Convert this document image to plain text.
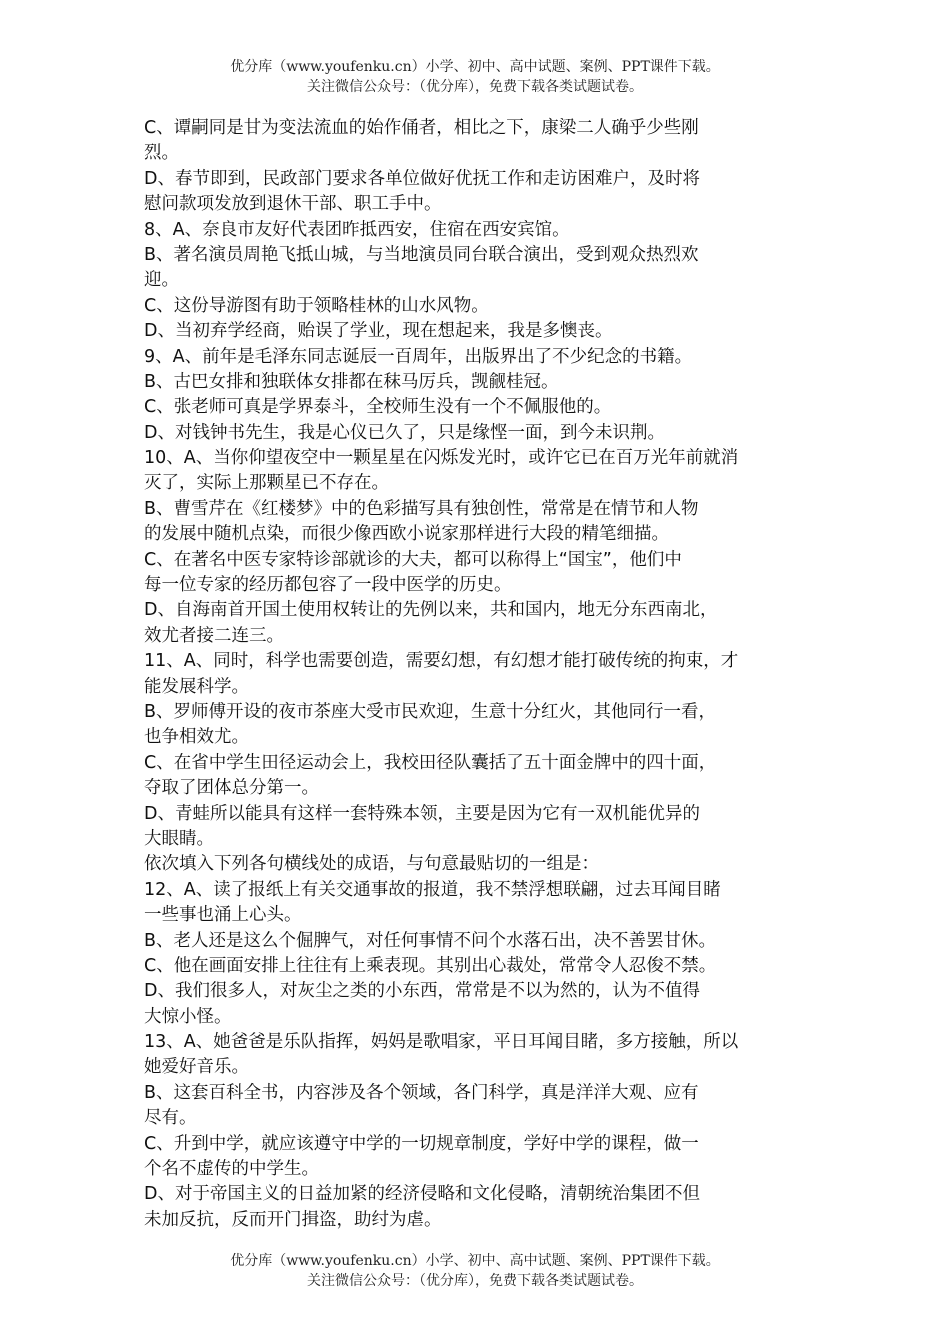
优分库（www.youfenku.cn）小学、初中、高中试题、案例、PPT课件下载。
关注微信公众号：（优分库），免费下载各类试题试卷。
C、谭嗣同是甘为变法流血的始作俑者，相比之下，康梁二人确乎少些刚
烈。
D、春节即到，民政部门要求各单位做好优抚工作和走访困难户，及时将
慰问款项发放到退休干部、职工手中。
8、A、奈良市友好代表团昨抵西安，住宿在西安宾馆。
B、著名演员周艳飞抵山城，与当地演员同台联合演出，受到观众热烈欢
迎。
C、这份导游图有助于领略桂林的山水风物。
D、当初弃学经商，贻误了学业，现在想起来，我是多懊丧。
9、A、前年是毛泽东同志诞辰一百周年，出版界出了不少纪念的书籍。
B、古巴女排和独联体女排都在秣马厉兵，觊觎桂冠。
C、张老师可真是学界泰斗，全校师生没有一个不佩服他的。
D、对钱钟书先生，我是心仪已久了，只是缘悭一面，到今未识荆。
10、A、当你仰望夜空中一颗星星在闪烁发光时，或许它已在百万光年前就消
灭了，实际上那颗星已不存在。
B、曹雪芹在《红楼梦》中的色彩描写具有独创性，常常是在情节和人物
的发展中随机点染，而很少像西欧小说家那样进行大段的精笔细描。
C、在著名中医专家特诊部就诊的大夫，都可以称得上“国宝”，他们中
每一位专家的经历都包容了一段中医学的历史。
D、自海南首开国土使用权转让的先例以来，共和国内，地无分东西南北，
效尤者接二连三。
11、A、同时，科学也需要创造，需要幻想，有幻想才能打破传统的拘束，才
能发展科学。
B、罗师傅开设的夜市茶座大受市民欢迎，生意十分红火，其他同行一看，
也争相效尤。
C、在省中学生田径运动会上，我校田径队囊括了五十面金牌中的四十面，
夺取了团体总分第一。
D、青蛙所以能具有这样一套特殊本领，主要是因为它有一双机能优异的
大眼睛。
依次填入下列各句横线处的成语，与句意最贴切的一组是：
12、A、读了报纸上有关交通事故的报道，我不禁浮想联翩，过去耳闻目睹
一些事也涌上心头。
B、老人还是这么个倔脾气，对任何事情不问个水落石出，决不善罢甘休。
C、他在画面安排上往往有上乘表现。其别出心裁处，常常令人忍俊不禁。
D、我们很多人，对灰尘之类的小东西，常常是不以为然的，认为不值得
大惊小怪。
13、A、她爸爸是乐队指挥，妈妈是歌唱家，平日耳闻目睹，多方接触，所以
她爱好音乐。
B、这套百科全书，内容涉及各个领域，各门科学，真是洋洋大观、应有
尽有。
C、升到中学，就应该遵守中学的一切规章制度，学好中学的课程，做一
个名不虚传的中学生。
D、对于帝国主义的日益加紧的经济侵略和文化侵略，清朝统治集团不但
未加反抗，反而开门揖盗，助纣为虐。
优分库（www.youfenku.cn）小学、初中、高中试题、案例、PPT课件下载。
关注微信公众号：（优分库），免费下载各类试题试卷。
